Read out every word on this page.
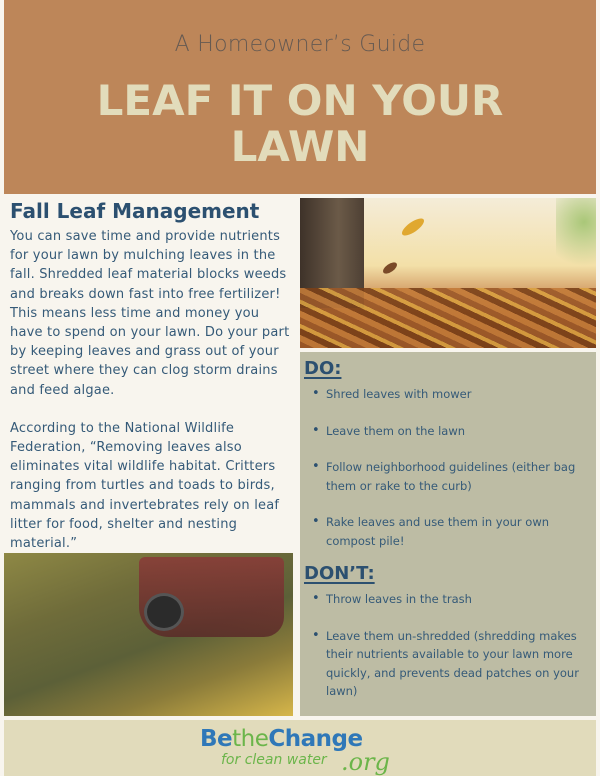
A Homeowner’s Guide
LEAF IT ON YOUR
LAWN
Fall Leaf Management

You can save time and provide nutrients for your lawn by mulching leaves in the fall. Shredded leaf material blocks weeds and breaks down fast into free fertilizer! This means less time and money you have to spend on your lawn. Do your part by keeping leaves and grass out of your street where they can clog storm drains and feed algae.

According to the National Wildlife Federation, “Removing leaves also eliminates vital wildlife habitat. Critters ranging from turtles and toads to birds, mammals and invertebrates rely on leaf litter for food, shelter and nesting material.”

DO:
• Shred leaves with mower
• Leave them on the lawn
• Follow neighborhood guidelines (either bag them or rake to the curb)
• Rake leaves and use them in your own compost pile!
DON’T:
• Throw leaves in the trash
• Leave them un-shredded (shredding makes their nutrients available to your lawn more quickly, and prevents dead patches on your lawn)
BetheChange
for clean water .org
